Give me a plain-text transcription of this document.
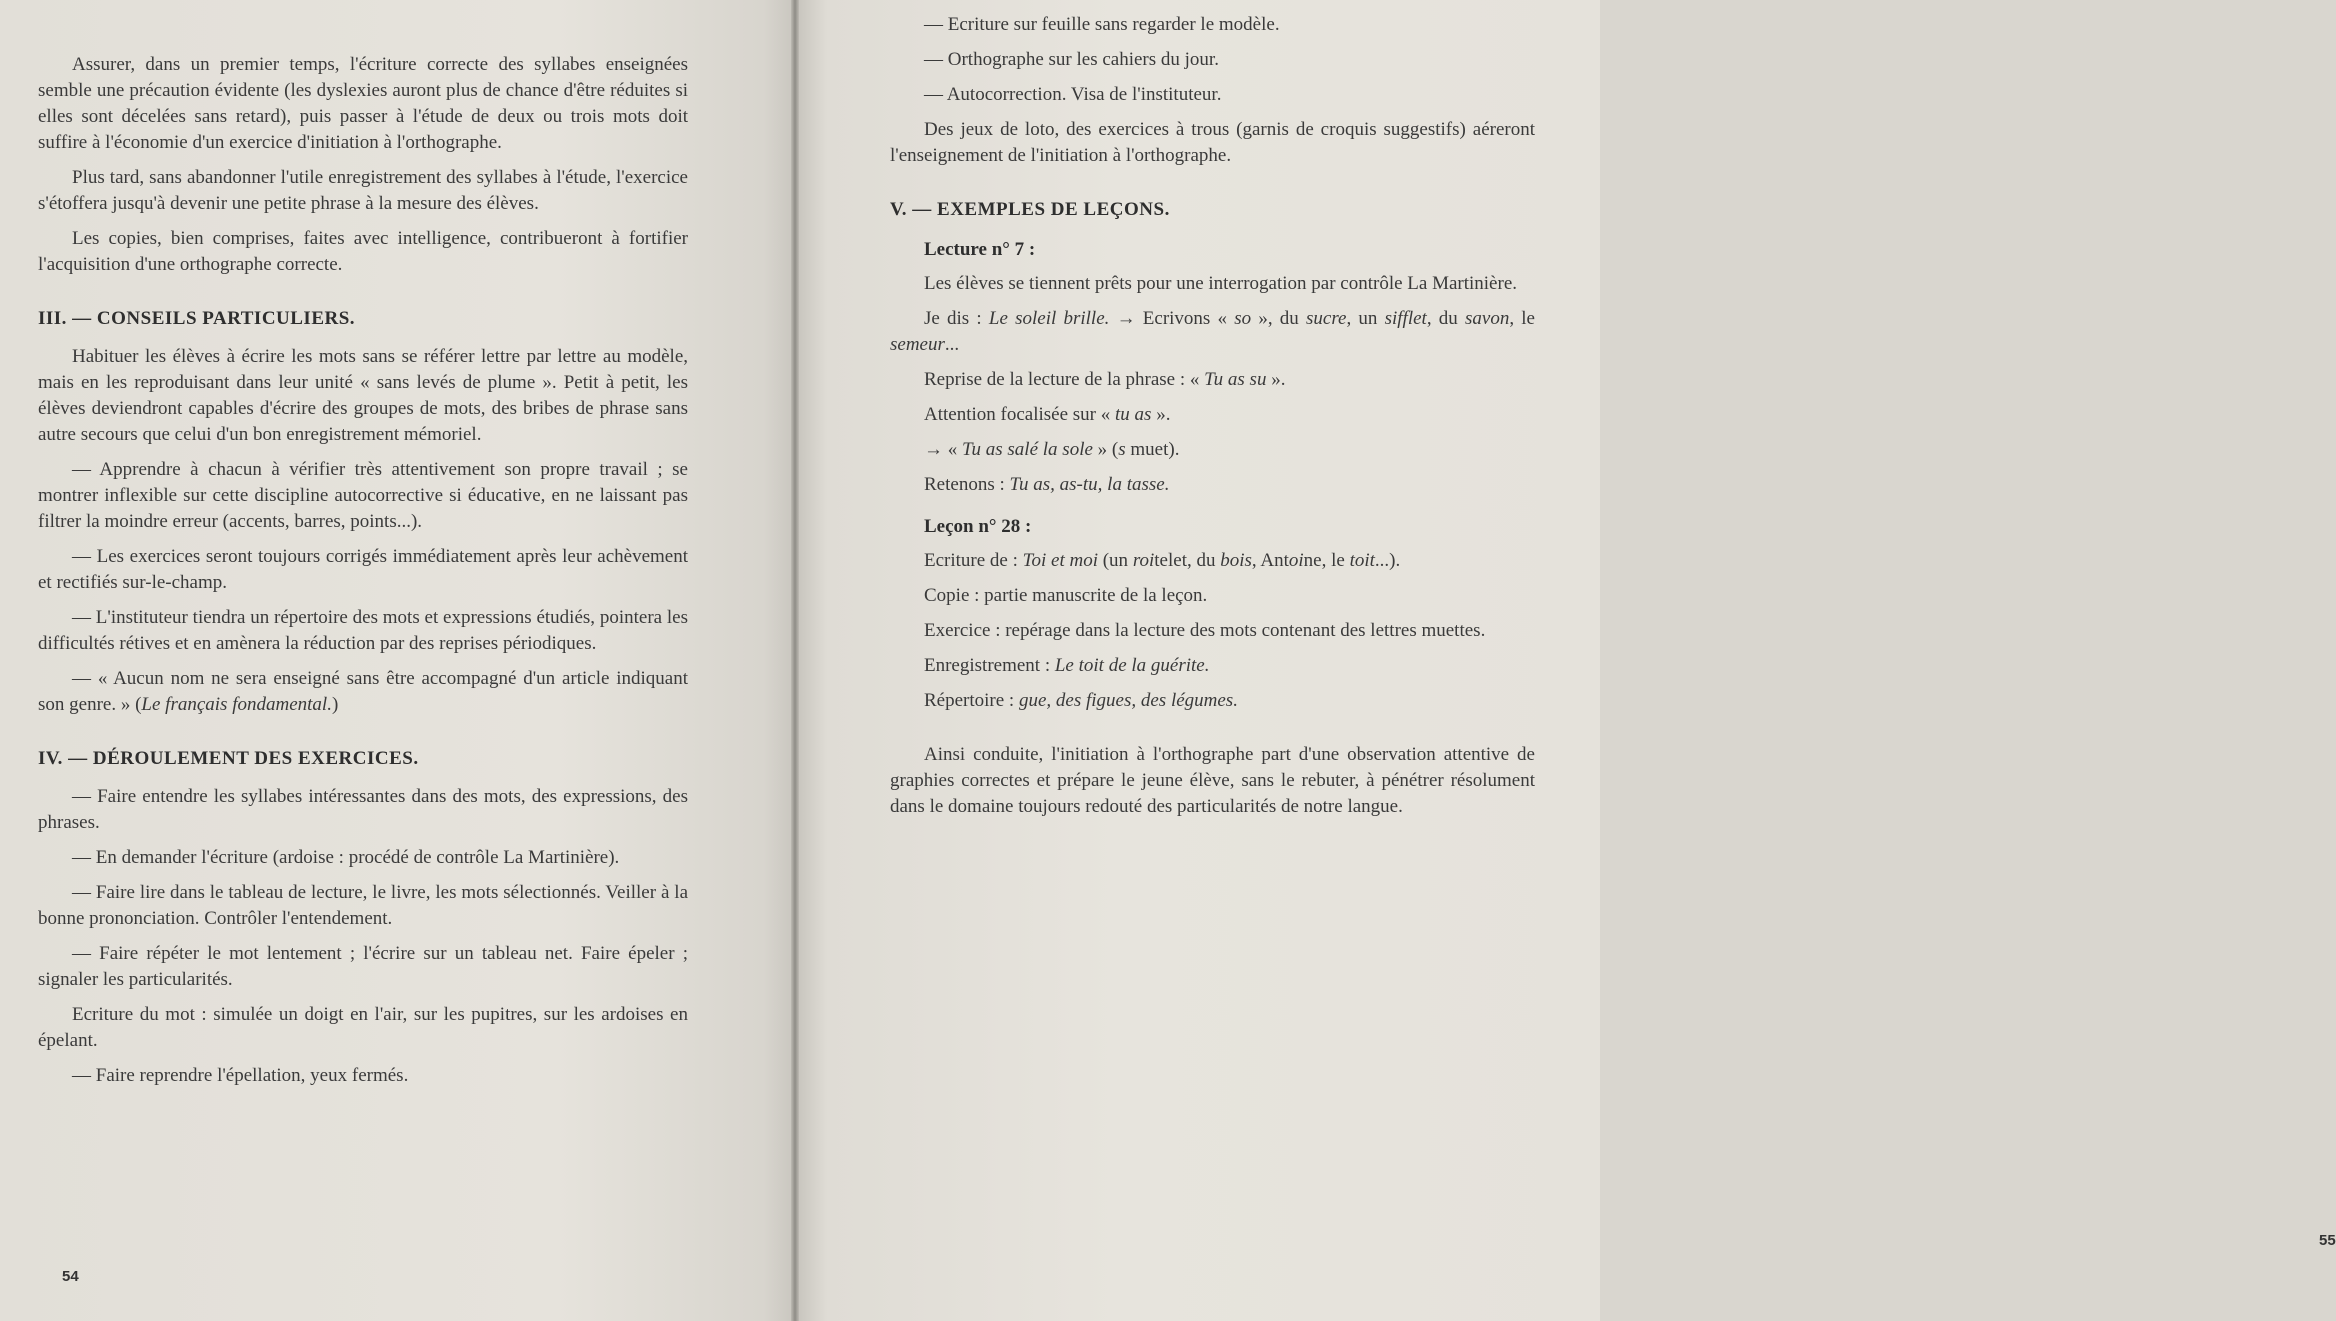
Assurer, dans un premier temps, l'écriture correcte des syllabes enseignées semble une précaution évidente (les dyslexies auront plus de chance d'être réduites si elles sont décelées sans retard), puis passer à l'étude de deux ou trois mots doit suffire à l'économie d'un exercice d'initiation à l'orthographe.

Plus tard, sans abandonner l'utile enregistrement des syllabes à l'étude, l'exercice s'étoffera jusqu'à devenir une petite phrase à la mesure des élèves.

Les copies, bien comprises, faites avec intelligence, contribueront à fortifier l'acquisition d'une orthographe correcte.

III. — CONSEILS PARTICULIERS.

Habituer les élèves à écrire les mots sans se référer lettre par lettre au modèle, mais en les reproduisant dans leur unité « sans levés de plume ». Petit à petit, les élèves deviendront capables d'écrire des groupes de mots, des bribes de phrase sans autre secours que celui d'un bon enregistrement mémoriel.

— Apprendre à chacun à vérifier très attentivement son propre travail ; se montrer inflexible sur cette discipline autocorrective si éducative, en ne laissant pas filtrer la moindre erreur (accents, barres, points...).

— Les exercices seront toujours corrigés immédiatement après leur achèvement et rectifiés sur-le-champ.

— L'instituteur tiendra un répertoire des mots et expressions étudiés, pointera les difficultés rétives et en amènera la réduction par des reprises périodiques.

— « Aucun nom ne sera enseigné sans être accompagné d'un article indiquant son genre. » (Le français fondamental.)

IV. — DÉROULEMENT DES EXERCICES.

— Faire entendre les syllabes intéressantes dans des mots, des expressions, des phrases.

— En demander l'écriture (ardoise : procédé de contrôle La Martinière).

— Faire lire dans le tableau de lecture, le livre, les mots sélectionnés. Veiller à la bonne prononciation. Contrôler l'entendement.

— Faire répéter le mot lentement ; l'écrire sur un tableau net. Faire épeler ; signaler les particularités.

Ecriture du mot : simulée un doigt en l'air, sur les pupitres, sur les ardoises en épelant.

— Faire reprendre l'épellation, yeux fermés.

54
55

— Ecriture sur feuille sans regarder le modèle.

— Orthographe sur les cahiers du jour.

— Autocorrection. Visa de l'instituteur.

Des jeux de loto, des exercices à trous (garnis de croquis suggestifs) aéreront l'enseignement de l'initiation à l'orthographe.

V. — EXEMPLES DE LEÇONS.
Lecture n° 7 :

Les élèves se tiennent prêts pour une interrogation par contrôle La Martinière.

Je dis : Le soleil brille. → Ecrivons « so », du sucre, un sifflet, du savon, le semeur...

Reprise de la lecture de la phrase : « Tu as su ».

Attention focalisée sur « tu as ».

→ « Tu as salé la sole » (s muet).

Retenons : Tu as, as-tu, la tasse.

Leçon n° 28 :

Ecriture de : Toi et moi (un roitelet, du bois, Antoine, le toit...).

Copie : partie manuscrite de la leçon.

Exercice : repérage dans la lecture des mots contenant des lettres muettes.

Enregistrement : Le toit de la guérite.

Répertoire : gue, des figues, des légumes.

Ainsi conduite, l'initiation à l'orthographe part d'une observation attentive de graphies correctes et prépare le jeune élève, sans le rebuter, à pénétrer résolument dans le domaine toujours redouté des particularités de notre langue.
